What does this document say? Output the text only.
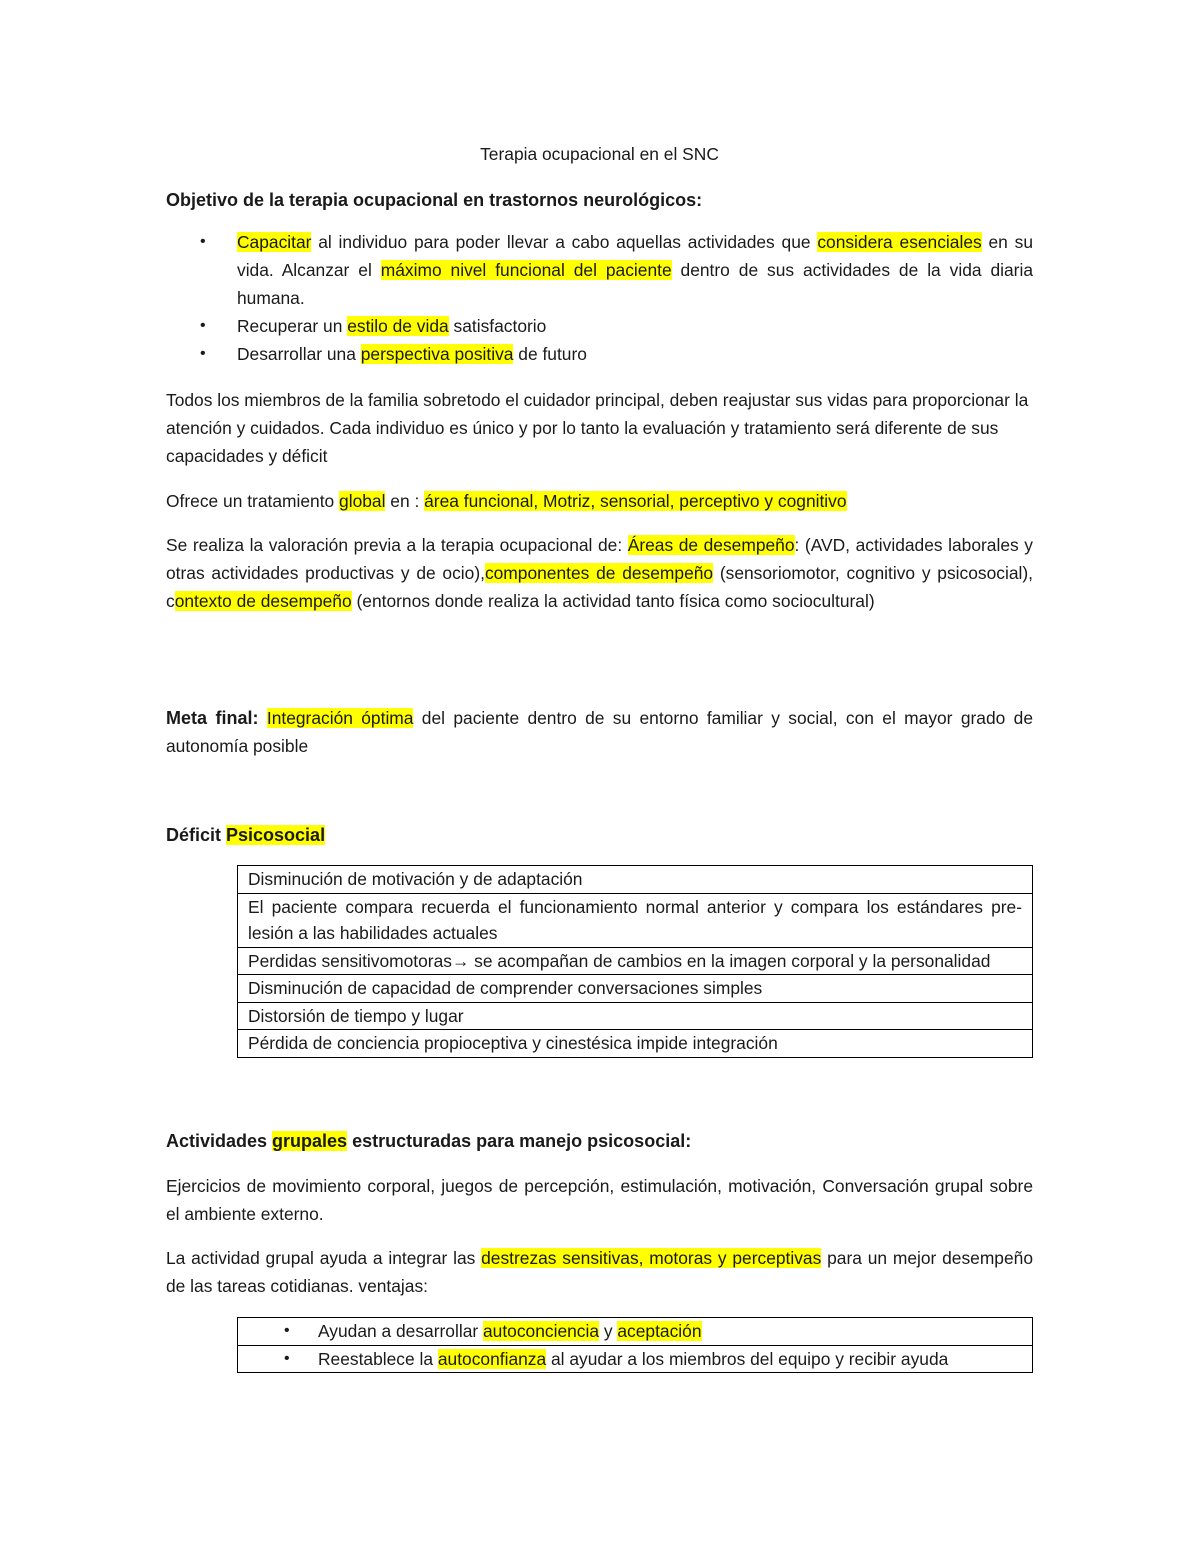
Terapia ocupacional en el SNC
Objetivo de la terapia ocupacional en trastornos neurológicos:
• Capacitar al individuo para poder llevar a cabo aquellas actividades que considera esenciales en su vida. Alcanzar el máximo nivel funcional del paciente dentro de sus actividades de la vida diaria humana.
• Recuperar un estilo de vida satisfactorio
• Desarrollar una perspectiva positiva de futuro

Todos los miembros de la familia sobretodo el cuidador principal, deben reajustar sus vidas para proporcionar la atención y cuidados. Cada individuo es único y por lo tanto la evaluación y tratamiento será diferente de sus capacidades y déficit

Ofrece un tratamiento global en : área funcional, Motriz, sensorial, perceptivo y cognitivo

Se realiza la valoración previa a la terapia ocupacional de: Áreas de desempeño: (AVD, actividades laborales y otras actividades productivas y de ocio),componentes de desempeño (sensoriomotor, cognitivo y psicosocial), contexto de desempeño (entornos donde realiza la actividad tanto física como sociocultural)

Meta final: Integración óptima del paciente dentro de su entorno familiar y social, con el mayor grado de autonomía posible

Déficit Psicosocial
Disminución de motivación y de adaptación
El paciente compara recuerda el funcionamiento normal anterior y compara los estándares pre-lesión a las habilidades actuales
Perdidas sensitivomotoras→ se acompañan de cambios en la imagen corporal y la personalidad
Disminución de capacidad de comprender conversaciones simples
Distorsión de tiempo y lugar
Pérdida de conciencia propioceptiva y cinestésica impide integración
Actividades grupales estructuradas para manejo psicosocial:

Ejercicios de movimiento corporal, juegos de percepción, estimulación, motivación, Conversación grupal sobre el ambiente externo.

La actividad grupal ayuda a integrar las destrezas sensitivas, motoras y perceptivas para un mejor desempeño de las tareas cotidianas. ventajas:

• Ayudan a desarrollar autoconciencia y aceptación

• Reestablece la autoconfianza al ayudar a los miembros del equipo y recibir ayuda
